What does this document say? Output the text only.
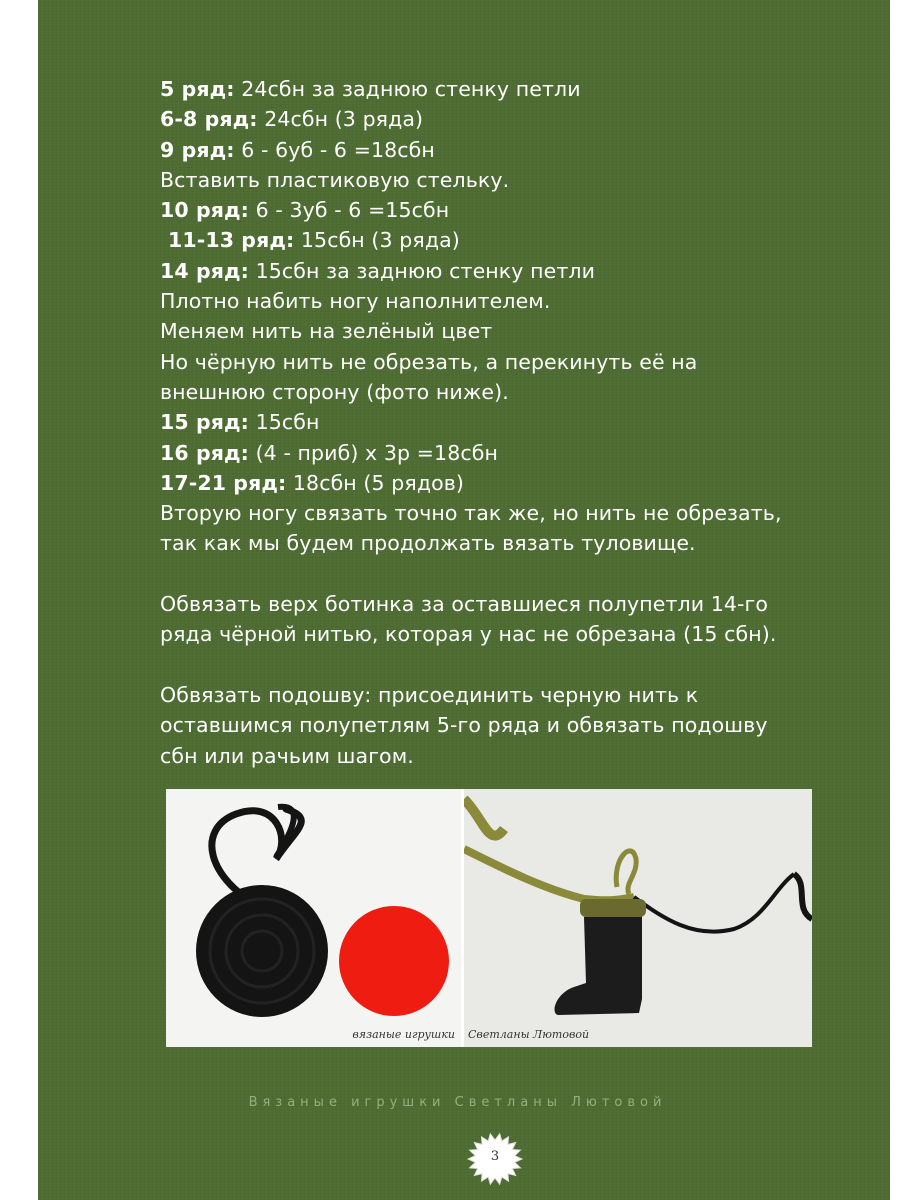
5 ряд: 24сбн за заднюю стенку петли
6-8 ряд: 24сбн (3 ряда)
9 ряд: 6 - 6уб - 6 =18сбн
Вставить пластиковую стельку.
10 ряд: 6 - 3уб - 6 =15сбн
11-13 ряд: 15сбн (3 ряда)
14 ряд: 15сбн за заднюю стенку петли
Плотно набить ногу наполнителем.
Меняем нить на зелёный цвет
Но чёрную нить не обрезать, а перекинуть её на
внешнюю сторону (фото ниже).
15 ряд: 15сбн
16 ряд: (4 - приб) х 3р =18сбн
17-21 ряд: 18сбн (5 рядов)
Вторую ногу связать точно так же, но нить не обрезать,
так как мы будем продолжать вязать туловище.

Обвязать верх ботинка за оставшиеся полупетли 14-го
ряда чёрной нитью, которая у нас не обрезана (15 сбн).

Обвязать подошву: присоединить черную нить к
оставшимся полупетлям 5-го ряда и обвязать подошву
сбн или рачьим шагом.
вязаные игрушки Светланы Лютовой
Вязаные игрушки Светланы Лютовой
3
